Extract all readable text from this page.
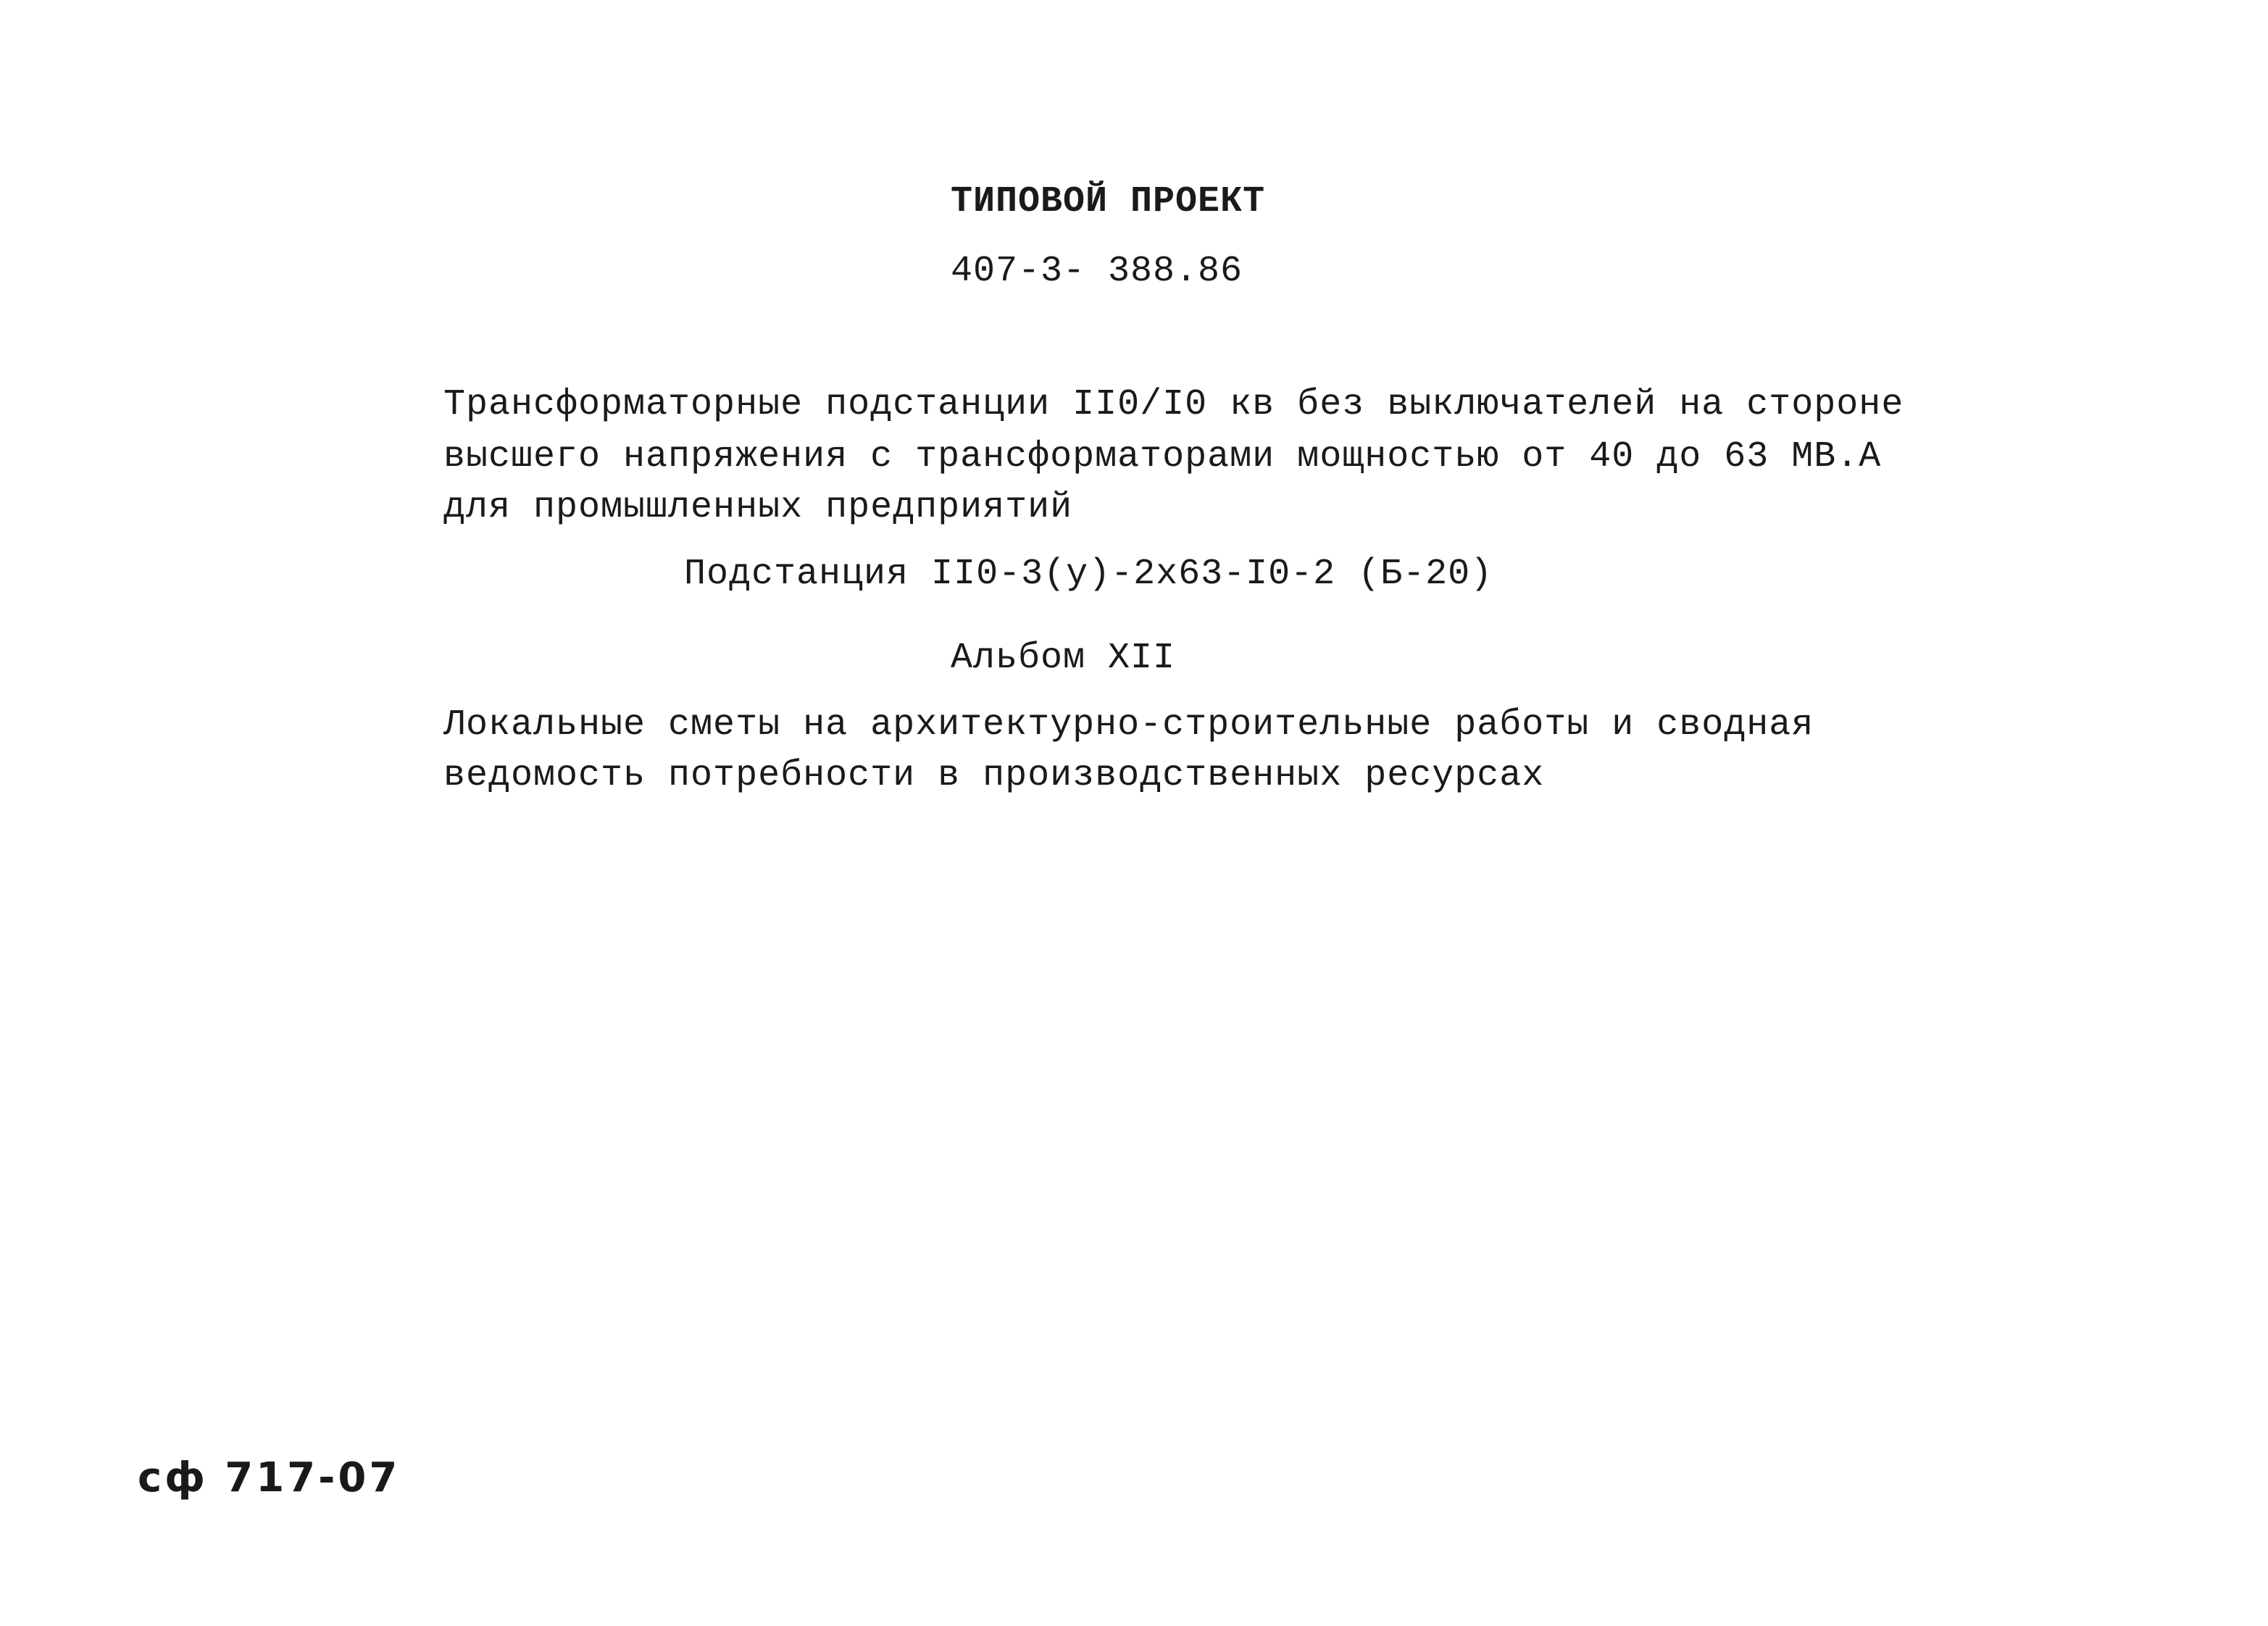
ТИПОВОЙ ПРОЕКТ
407-3- 388.86
Трансформаторные подстанции II0/I0 кв без выключателей на стороне
высшего напряжения с трансформаторами мощностью от 40 до 63 МВ.А
для промышленных предприятий
Подстанция II0-3(у)-2х63-I0-2 (Б-20)
Альбом XII
Локальные сметы на архитектурно-строительные работы и сводная
ведомость потребности в производственных ресурсах
сф 717-07
